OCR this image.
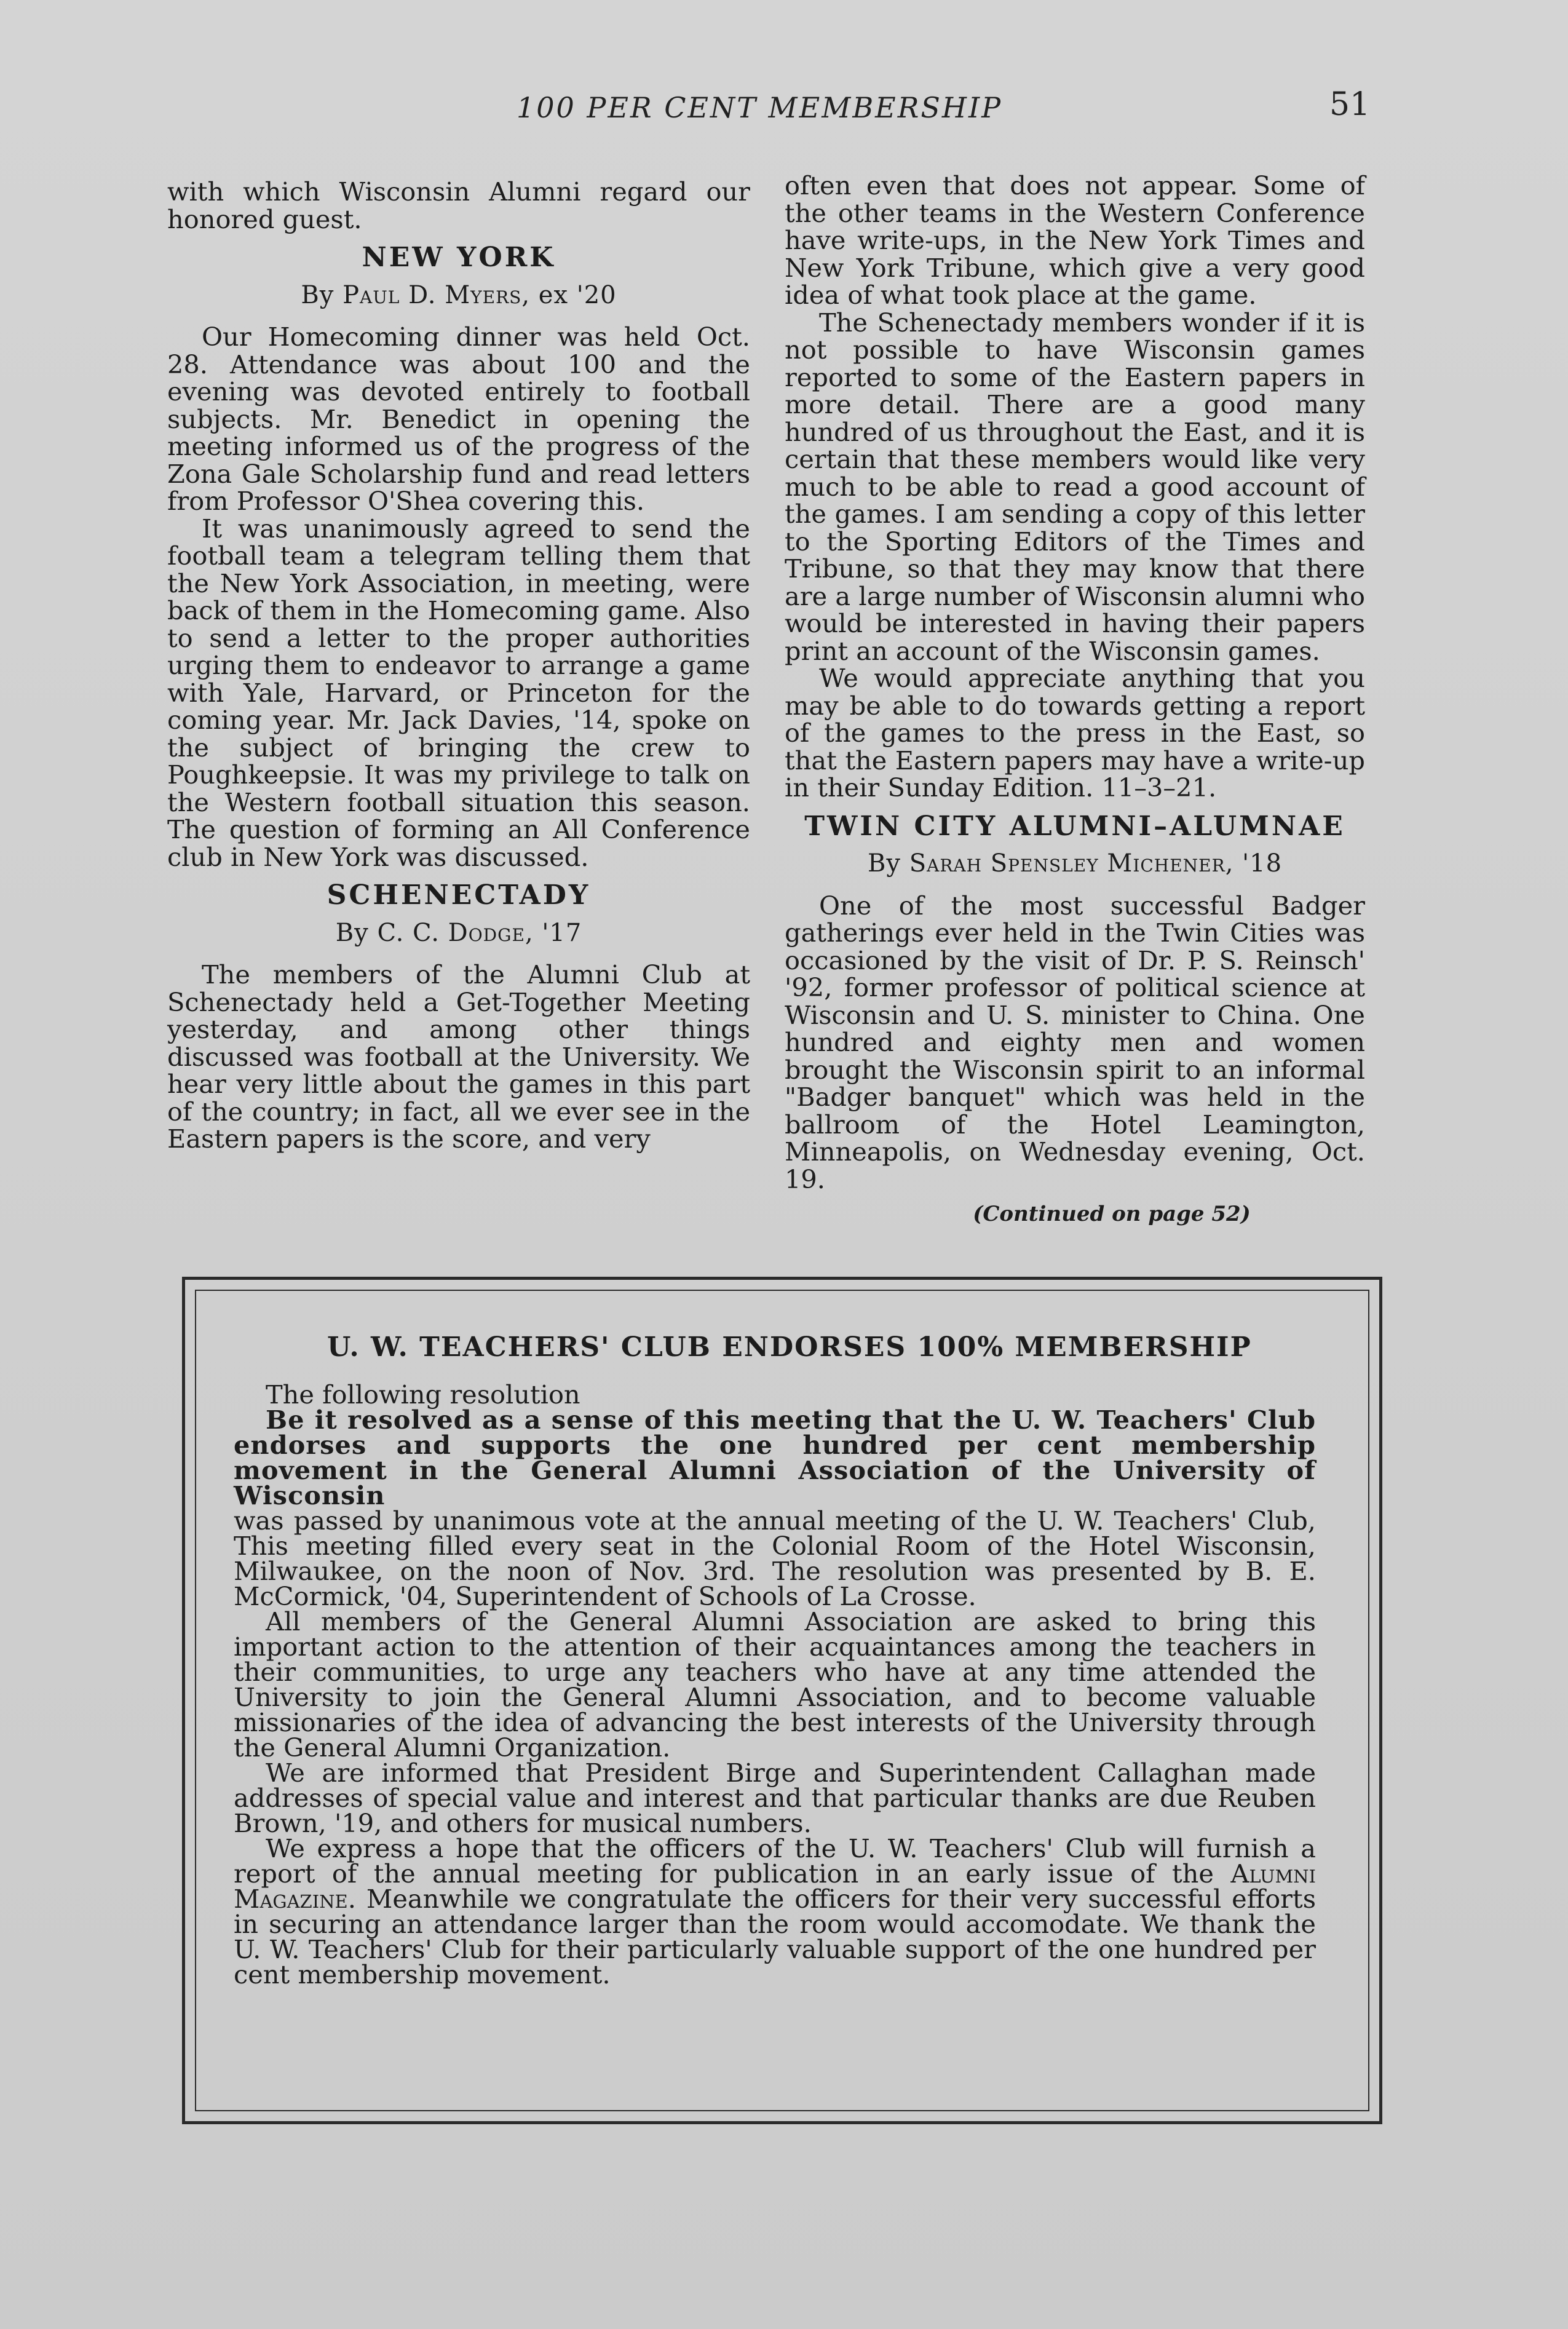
100 PER CENT MEMBERSHIP	51

with which Wisconsin Alumni regard our honored guest.

NEW YORK
By Paul D. Myers, ex '20

Our Homecoming dinner was held Oct. 28. Attendance was about 100 and the evening was devoted entirely to football subjects. Mr. Benedict in opening the meeting informed us of the progress of the Zona Gale Scholarship fund and read letters from Professor O'Shea covering this.

It was unanimously agreed to send the football team a telegram telling them that the New York Association, in meeting, were back of them in the Homecoming game. Also to send a letter to the proper authorities urging them to endeavor to arrange a game with Yale, Harvard, or Princeton for the coming year. Mr. Jack Davies, '14, spoke on the subject of bringing the crew to Poughkeepsie. It was my privilege to talk on the Western football situation this season. The question of forming an All Conference club in New York was discussed.

SCHENECTADY
By C. C. Dodge, '17

The members of the Alumni Club at Schenectady held a Get-Together Meeting yesterday, and among other things discussed was football at the University. We hear very little about the games in this part of the country; in fact, all we ever see in the Eastern papers is the score, and very

often even that does not appear. Some of the other teams in the Western Conference have write-ups, in the New York Times and New York Tribune, which give a very good idea of what took place at the game.

The Schenectady members wonder if it is not possible to have Wisconsin games reported to some of the Eastern papers in more detail. There are a good many hundred of us throughout the East, and it is certain that these members would like very much to be able to read a good account of the games. I am sending a copy of this letter to the Sporting Editors of the Times and Tribune, so that they may know that there are a large number of Wisconsin alumni who would be interested in having their papers print an account of the Wisconsin games.

We would appreciate anything that you may be able to do towards getting a report of the games to the press in the East, so that the Eastern papers may have a write-up in their Sunday Edition. 11–3–21.

TWIN CITY ALUMNI–ALUMNAE
By Sarah Spensley Michener, '18

One of the most successful Badger gatherings ever held in the Twin Cities was occasioned by the visit of Dr. P. S. Reinsch' '92, former professor of political science at Wisconsin and U. S. minister to China. One hundred and eighty men and women brought the Wisconsin spirit to an informal "Badger banquet" which was held in the ballroom of the Hotel Leamington, Minneapolis, on Wednesday evening, Oct. 19.

(Continued on page 52)
U. W. TEACHERS' CLUB ENDORSES 100% MEMBERSHIP

The following resolution

Be it resolved as a sense of this meeting that the U. W. Teachers' Club endorses and supports the one hundred per cent membership movement in the General Alumni Association of the University of Wisconsin

was passed by unanimous vote at the annual meeting of the U. W. Teachers' Club, This meeting filled every seat in the Colonial Room of the Hotel Wisconsin, Milwaukee, on the noon of Nov. 3rd. The resolution was presented by B. E. McCormick, '04, Superintendent of Schools of La Crosse.

All members of the General Alumni Association are asked to bring this important action to the attention of their acquaintances among the teachers in their communities, to urge any teachers who have at any time attended the University to join the General Alumni Association, and to become valuable missionaries of the idea of advancing the best interests of the University through the General Alumni Organization.

We are informed that President Birge and Superintendent Callaghan made addresses of special value and interest and that particular thanks are due Reuben Brown, '19, and others for musical numbers.

We express a hope that the officers of the U. W. Teachers' Club will furnish a report of the annual meeting for publication in an early issue of the Alumni Magazine. Meanwhile we congratulate the officers for their very successful efforts in securing an attendance larger than the room would accomodate. We thank the U. W. Teachers' Club for their particularly valuable support of the one hundred per cent membership movement.
